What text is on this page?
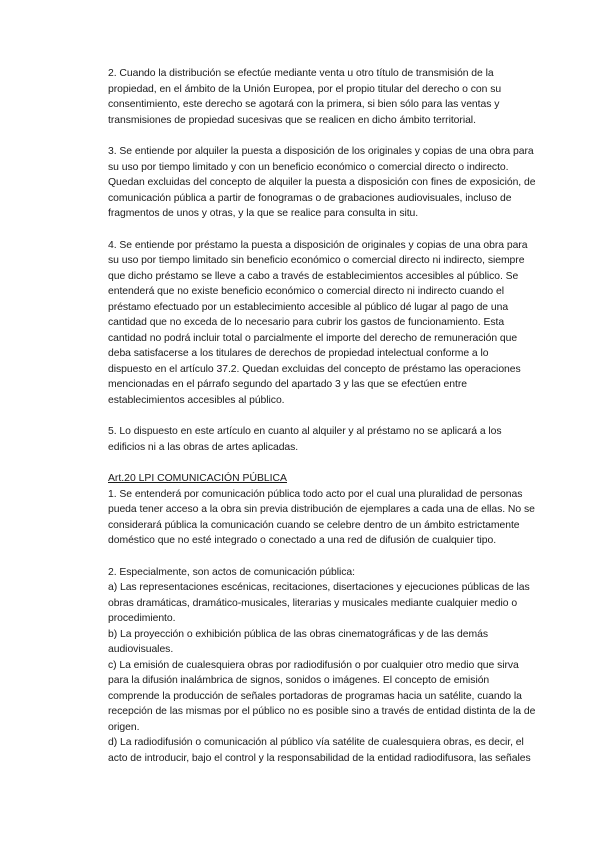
2. Cuando la distribución se efectúe mediante venta u otro título de transmisión de la
propiedad, en el ámbito de la Unión Europea, por el propio titular del derecho o con su
consentimiento, este derecho se agotará con la primera, si bien sólo para las ventas y
transmisiones de propiedad sucesivas que se realicen en dicho ámbito territorial.

3. Se entiende por alquiler la puesta a disposición de los originales y copias de una obra para
su uso por tiempo limitado y con un beneficio económico o comercial directo o indirecto.
Quedan excluidas del concepto de alquiler la puesta a disposición con fines de exposición, de
comunicación pública a partir de fonogramas o de grabaciones audiovisuales, incluso de
fragmentos de unos y otras, y la que se realice para consulta in situ.

4. Se entiende por préstamo la puesta a disposición de originales y copias de una obra para
su uso por tiempo limitado sin beneficio económico o comercial directo ni indirecto, siempre
que dicho préstamo se lleve a cabo a través de establecimientos accesibles al público. Se
entenderá que no existe beneficio económico o comercial directo ni indirecto cuando el
préstamo efectuado por un establecimiento accesible al público dé lugar al pago de una
cantidad que no exceda de lo necesario para cubrir los gastos de funcionamiento. Esta
cantidad no podrá incluir total o parcialmente el importe del derecho de remuneración que
deba satisfacerse a los titulares de derechos de propiedad intelectual conforme a lo
dispuesto en el artículo 37.2. Quedan excluidas del concepto de préstamo las operaciones
mencionadas en el párrafo segundo del apartado 3 y las que se efectúen entre
establecimientos accesibles al público.

5. Lo dispuesto en este artículo en cuanto al alquiler y al préstamo no se aplicará a los
edificios ni a las obras de artes aplicadas.

Art.20 LPI COMUNICACIÓN PÚBLICA

1. Se entenderá por comunicación pública todo acto por el cual una pluralidad de personas
pueda tener acceso a la obra sin previa distribución de ejemplares a cada una de ellas. No se
considerará pública la comunicación cuando se celebre dentro de un ámbito estrictamente
doméstico que no esté integrado o conectado a una red de difusión de cualquier tipo.

2. Especialmente, son actos de comunicación pública:
a) Las representaciones escénicas, recitaciones, disertaciones y ejecuciones públicas de las
obras dramáticas, dramático-musicales, literarias y musicales mediante cualquier medio o
procedimiento.
b) La proyección o exhibición pública de las obras cinematográficas y de las demás
audiovisuales.
c) La emisión de cualesquiera obras por radiodifusión o por cualquier otro medio que sirva
para la difusión inalámbrica de signos, sonidos o imágenes. El concepto de emisión
comprende la producción de señales portadoras de programas hacia un satélite, cuando la
recepción de las mismas por el público no es posible sino a través de entidad distinta de la de
origen.
d) La radiodifusión o comunicación al público vía satélite de cualesquiera obras, es decir, el
acto de introducir, bajo el control y la responsabilidad de la entidad radiodifusora, las señales
